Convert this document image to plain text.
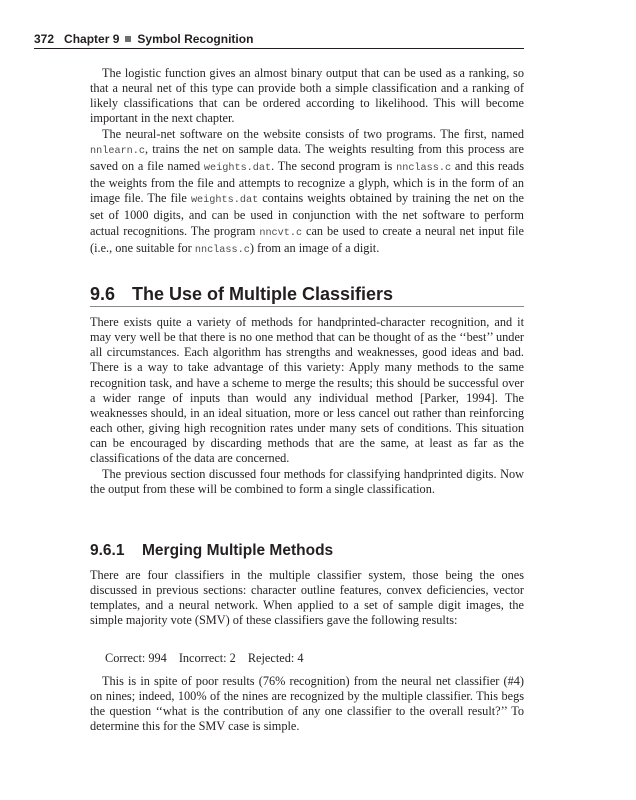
372 Chapter 9 Symbol Recognition

The logistic function gives an almost binary output that can be used as a ranking, so that a neural net of this type can provide both a simple classification and a ranking of likely classifications that can be ordered according to likelihood. This will become important in the next chapter.

The neural-net software on the website consists of two programs. The first, named nnlearn.c, trains the net on sample data. The weights resulting from this process are saved on a file named weights.dat. The second program is nnclass.c and this reads the weights from the file and attempts to recognize a glyph, which is in the form of an image file. The file weights.dat contains weights obtained by training the net on the set of 1000 digits, and can be used in conjunction with the net software to perform actual recognitions. The program nncvt.c can be used to create a neural net input file (i.e., one suitable for nnclass.c) from an image of a digit.

9.6 The Use of Multiple Classifiers

There exists quite a variety of methods for handprinted-character recognition, and it may very well be that there is no one method that can be thought of as the ‘‘best’’ under all circumstances. Each algorithm has strengths and weaknesses, good ideas and bad. There is a way to take advantage of this variety: Apply many methods to the same recognition task, and have a scheme to merge the results; this should be successful over a wider range of inputs than would any individual method [Parker, 1994]. The weaknesses should, in an ideal situation, more or less cancel out rather than reinforcing each other, giving high recognition rates under many sets of conditions. This situation can be encouraged by discarding methods that are the same, at least as far as the classifications of the data are concerned.

The previous section discussed four methods for classifying handprinted digits. Now the output from these will be combined to form a single classification.

9.6.1 Merging Multiple Methods

There are four classifiers in the multiple classifier system, those being the ones discussed in previous sections: character outline features, convex deficiencies, vector templates, and a neural network. When applied to a set of sample digit images, the simple majority vote (SMV) of these classifiers gave the following results:

Correct: 994 Incorrect: 2 Rejected: 4

This is in spite of poor results (76% recognition) from the neural net classifier (#4) on nines; indeed, 100% of the nines are recognized by the multiple classifier. This begs the question ‘‘what is the contribution of any one classifier to the overall result?’’ To determine this for the SMV case is simple.
